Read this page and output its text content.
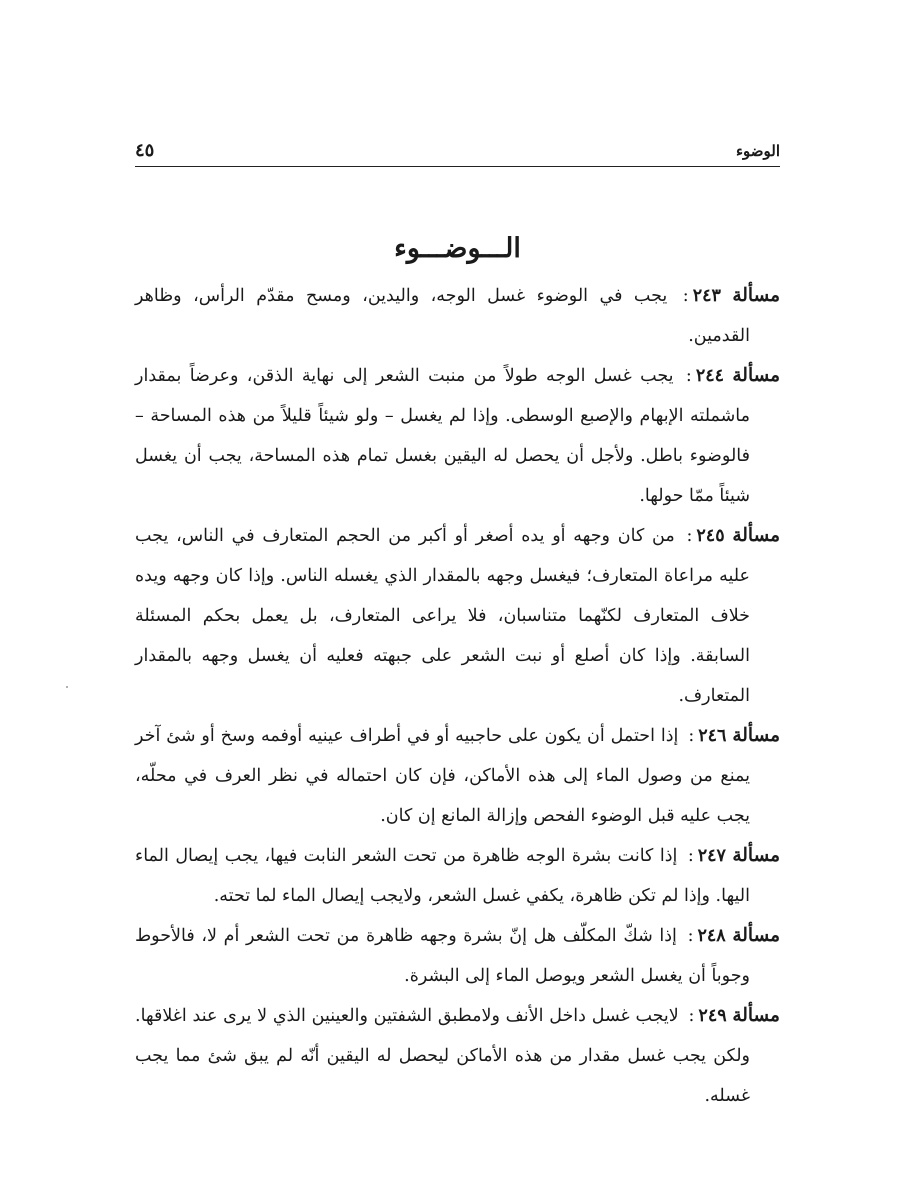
الوضوء
٤٥
الـــوضـــوء

مسألة ٢٤٣: يجب في الوضوء غسل الوجه، واليدين، ومسح مقدّم الرأس، وظاهر القدمين.

مسألة ٢٤٤: يجب غسل الوجه طولاً من منبت الشعر إلى نهاية الذقن، وعرضاً بمقدار ماشملته الإبهام والإصبع الوسطى. وإذا لم يغسل – ولو شيئاً قليلاً من هذه المساحة – فالوضوء باطل. ولأجل أن يحصل له اليقين بغسل تمام هذه المساحة، يجب أن يغسل شيئاً ممّا حولها.

مسألة ٢٤٥: من كان وجهه أو يده أصغر أو أكبر من الحجم المتعارف في الناس، يجب عليه مراعاة المتعارف؛ فيغسل وجهه بالمقدار الذي يغسله الناس. وإذا كان وجهه ويده خلاف المتعارف لكنّهما متناسبان، فلا يراعى المتعارف، بل يعمل بحكم المسئلة السابقة. وإذا كان أصلع أو نبت الشعر على جبهته فعليه أن يغسل وجهه بالمقدار المتعارف.

مسألة ٢٤٦: إذا احتمل أن يكون على حاجبيه أو في أطراف عينيه أوفمه وسخ أو شئ آخر يمنع من وصول الماء إلى هذه الأماكن، فإن كان احتماله في نظر العرف في محلّه، يجب عليه قبل الوضوء الفحص وإزالة المانع إن كان.

مسألة ٢٤٧: إذا كانت بشرة الوجه ظاهرة من تحت الشعر النابت فيها، يجب إيصال الماء اليها. وإذا لم تكن ظاهرة، يكفي غسل الشعر، ولايجب إيصال الماء لما تحته.

مسألة ٢٤٨: إذا شكّ المكلّف هل إنّ بشرة وجهه ظاهرة من تحت الشعر أم لا، فالأحوط وجوباً أن يغسل الشعر ويوصل الماء إلى البشرة.

مسألة ٢٤٩: لايجب غسل داخل الأنف ولامطبق الشفتين والعينين الذي لا يرى عند اغلاقها. ولكن يجب غسل مقدار من هذه الأماكن ليحصل له اليقين أنّه لم يبق شئ مما يجب غسله.
